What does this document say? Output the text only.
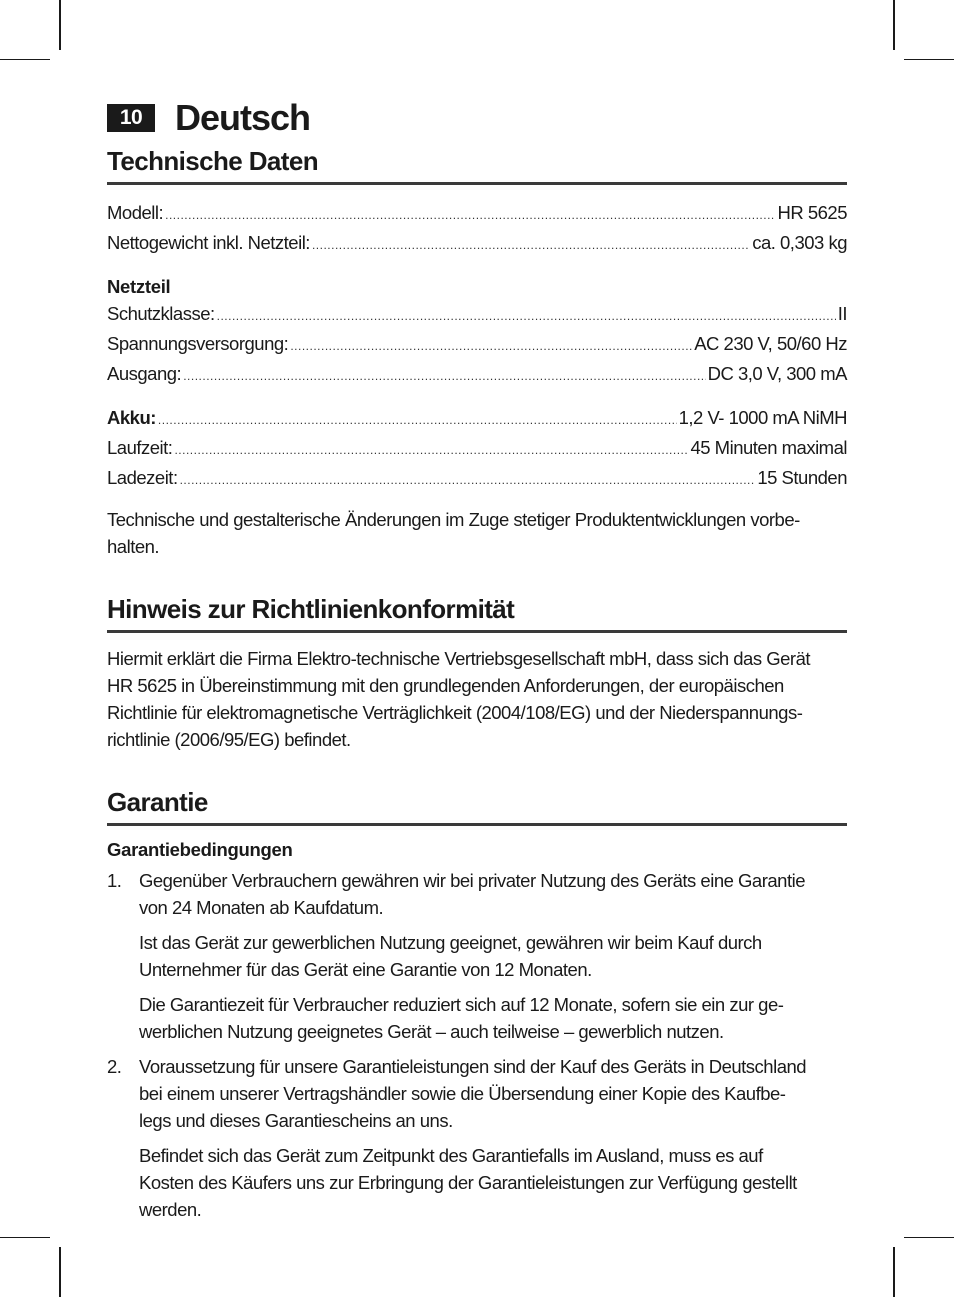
10 Deutsch
Technische Daten
Modell: .....	HR 5625
Nettogewicht inkl. Netzteil: .....	ca. 0,303 kg
Netzteil
Schutzklasse: .....	II
Spannungsversorgung: .....	AC 230 V, 50/60 Hz
Ausgang: .....	DC 3,0 V, 300 mA
Akku: .....	1,2 V- 1000 mA NiMH
Laufzeit: .....	45 Minuten maximal
Ladezeit: .....	15 Stunden

Technische und gestalterische Änderungen im Zuge stetiger Produktentwicklungen vorbe-
halten.

Hinweis zur Richtlinienkonformität

Hiermit erklärt die Firma Elektro-technische Vertriebsgesellschaft mbH, dass sich das Gerät
HR 5625 in Übereinstimmung mit den grundlegenden Anforderungen, der europäischen
Richtlinie für elektromagnetische Verträglichkeit (2004/108/EG) und der Niederspannungs-
richtlinie (2006/95/EG) befindet.

Garantie
Garantiebedingungen
1. Gegenüber Verbrauchern gewähren wir bei privater Nutzung des Geräts eine Garantie
von 24 Monaten ab Kaufdatum.

Ist das Gerät zur gewerblichen Nutzung geeignet, gewähren wir beim Kauf durch
Unternehmer für das Gerät eine Garantie von 12 Monaten.

Die Garantiezeit für Verbraucher reduziert sich auf 12 Monate, sofern sie ein zur ge-
werblichen Nutzung geeignetes Gerät – auch teilweise – gewerblich nutzen.

2. Voraussetzung für unsere Garantieleistungen sind der Kauf des Geräts in Deutschland
bei einem unserer Vertragshändler sowie die Übersendung einer Kopie des Kaufbe-
legs und dieses Garantiescheins an uns.

Befindet sich das Gerät zum Zeitpunkt des Garantiefalls im Ausland, muss es auf
Kosten des Käufers uns zur Erbringung der Garantieleistungen zur Verfügung gestellt
werden.
